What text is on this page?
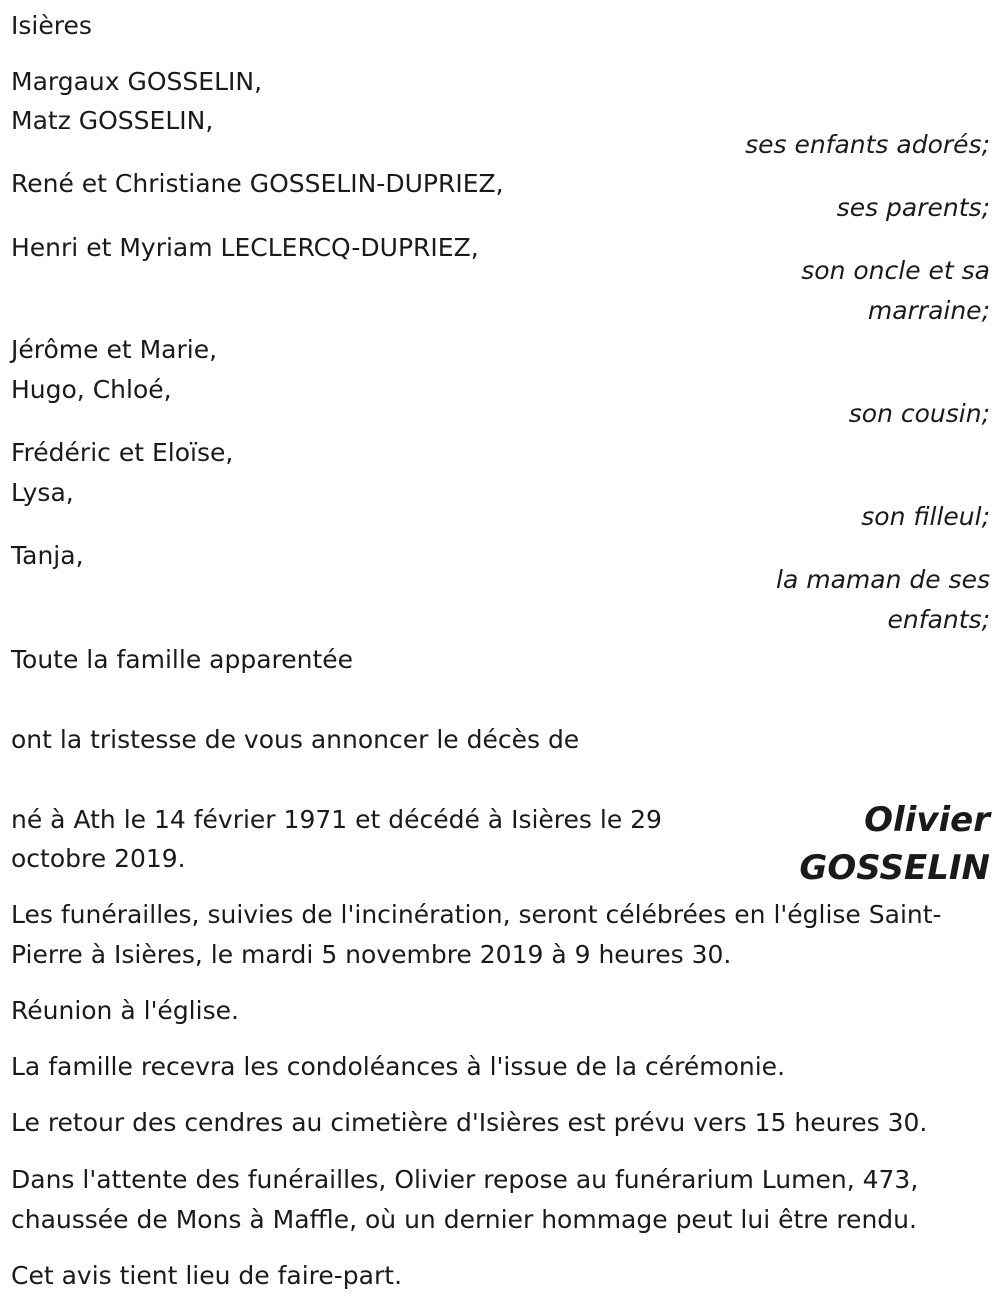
Isières

Margaux GOSSELIN,

Matz GOSSELIN,

ses enfants adorés;

René et Christiane GOSSELIN-DUPRIEZ,

ses parents;

Henri et Myriam LECLERCQ-DUPRIEZ,

son oncle et sa

marraine;

Jérôme et Marie,

Hugo, Chloé,

son cousin;

Frédéric et Eloïse,

Lysa,

son filleul;

Tanja,

la maman de ses

enfants;

Toute la famille apparentée

ont la tristesse de vous annoncer le décès de

Olivier
GOSSELIN

né à Ath le 14 février 1971 et décédé à Isières le 29

octobre 2019.

Les funérailles, suivies de l'incinération, seront célébrées en l'église Saint-Pierre à Isières, le mardi 5 novembre 2019 à 9 heures 30.

Réunion à l'église.

La famille recevra les condoléances à l'issue de la cérémonie.

Le retour des cendres au cimetière d'Isières est prévu vers 15 heures 30.

Dans l'attente des funérailles, Olivier repose au funérarium Lumen, 473, chaussée de Mons à Maffle, où un dernier hommage peut lui être rendu.

Cet avis tient lieu de faire-part.
